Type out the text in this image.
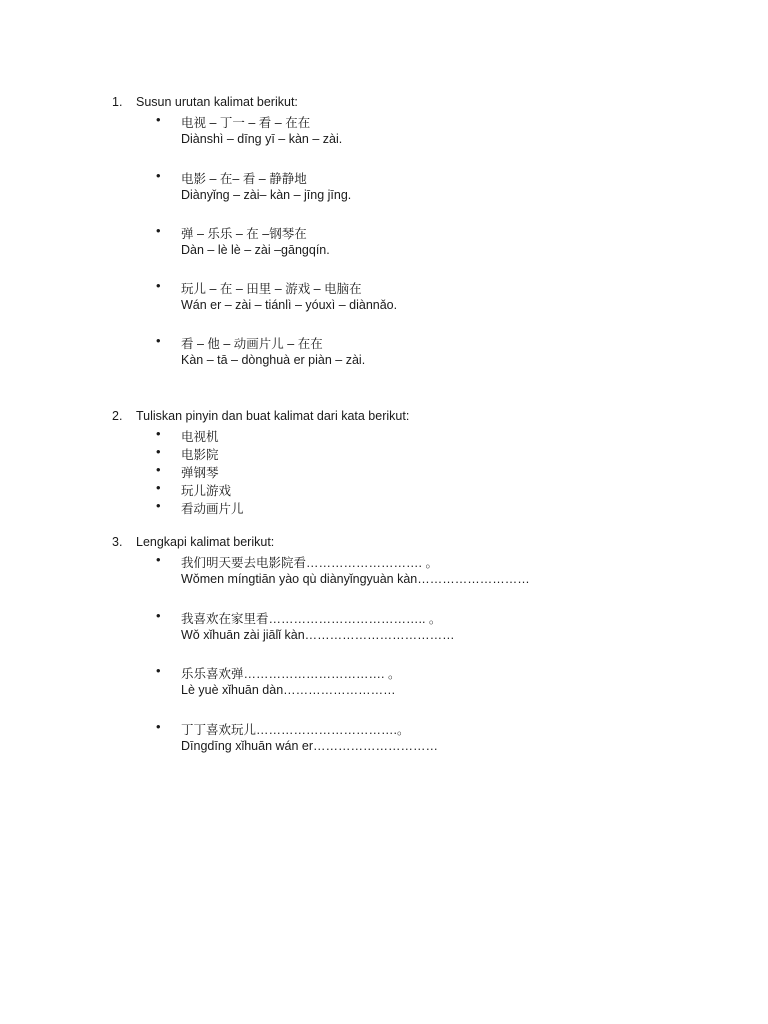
1.	Susun urutan kalimat berikut:
• 电视 – 丁一 – 看 – 在在
Diànshì – dīng yī – kàn – zài.
• 电影 – 在– 看 – 静静地
Diànyǐng – zài– kàn – jīng jīng.
• 弹 – 乐乐 – 在 –钢琴在
Dàn – lè lè – zài –gāngqín.
• 玩儿 – 在 – 田里 – 游戏 – 电脑在
Wán er – zài – tiánlì – yóuxì – diànnǎo.
• 看 – 他 – 动画片儿 – 在在
Kàn – tā – dònghuà er piàn – zài.
2.	Tuliskan pinyin dan buat kalimat dari kata berikut:
• 电视机
• 电影院
• 弹钢琴
• 玩儿游戏
• 看动画片儿
3.	Lengkapi kalimat berikut:
• 我们明天要去电影院看………………………. 。
Wǒmen míngtiān yào qù diànyǐngyuàn kàn………………………
• 我喜欢在家里看……………………………….. 。
Wǒ xǐhuān zài jiālǐ kàn………………………………
• 乐乐喜欢弹……………………………. 。
Lè yuè xǐhuān dàn………………………
• 丁丁喜欢玩儿…………………………….。
Dīngdīng xǐhuān wán er…………………………
